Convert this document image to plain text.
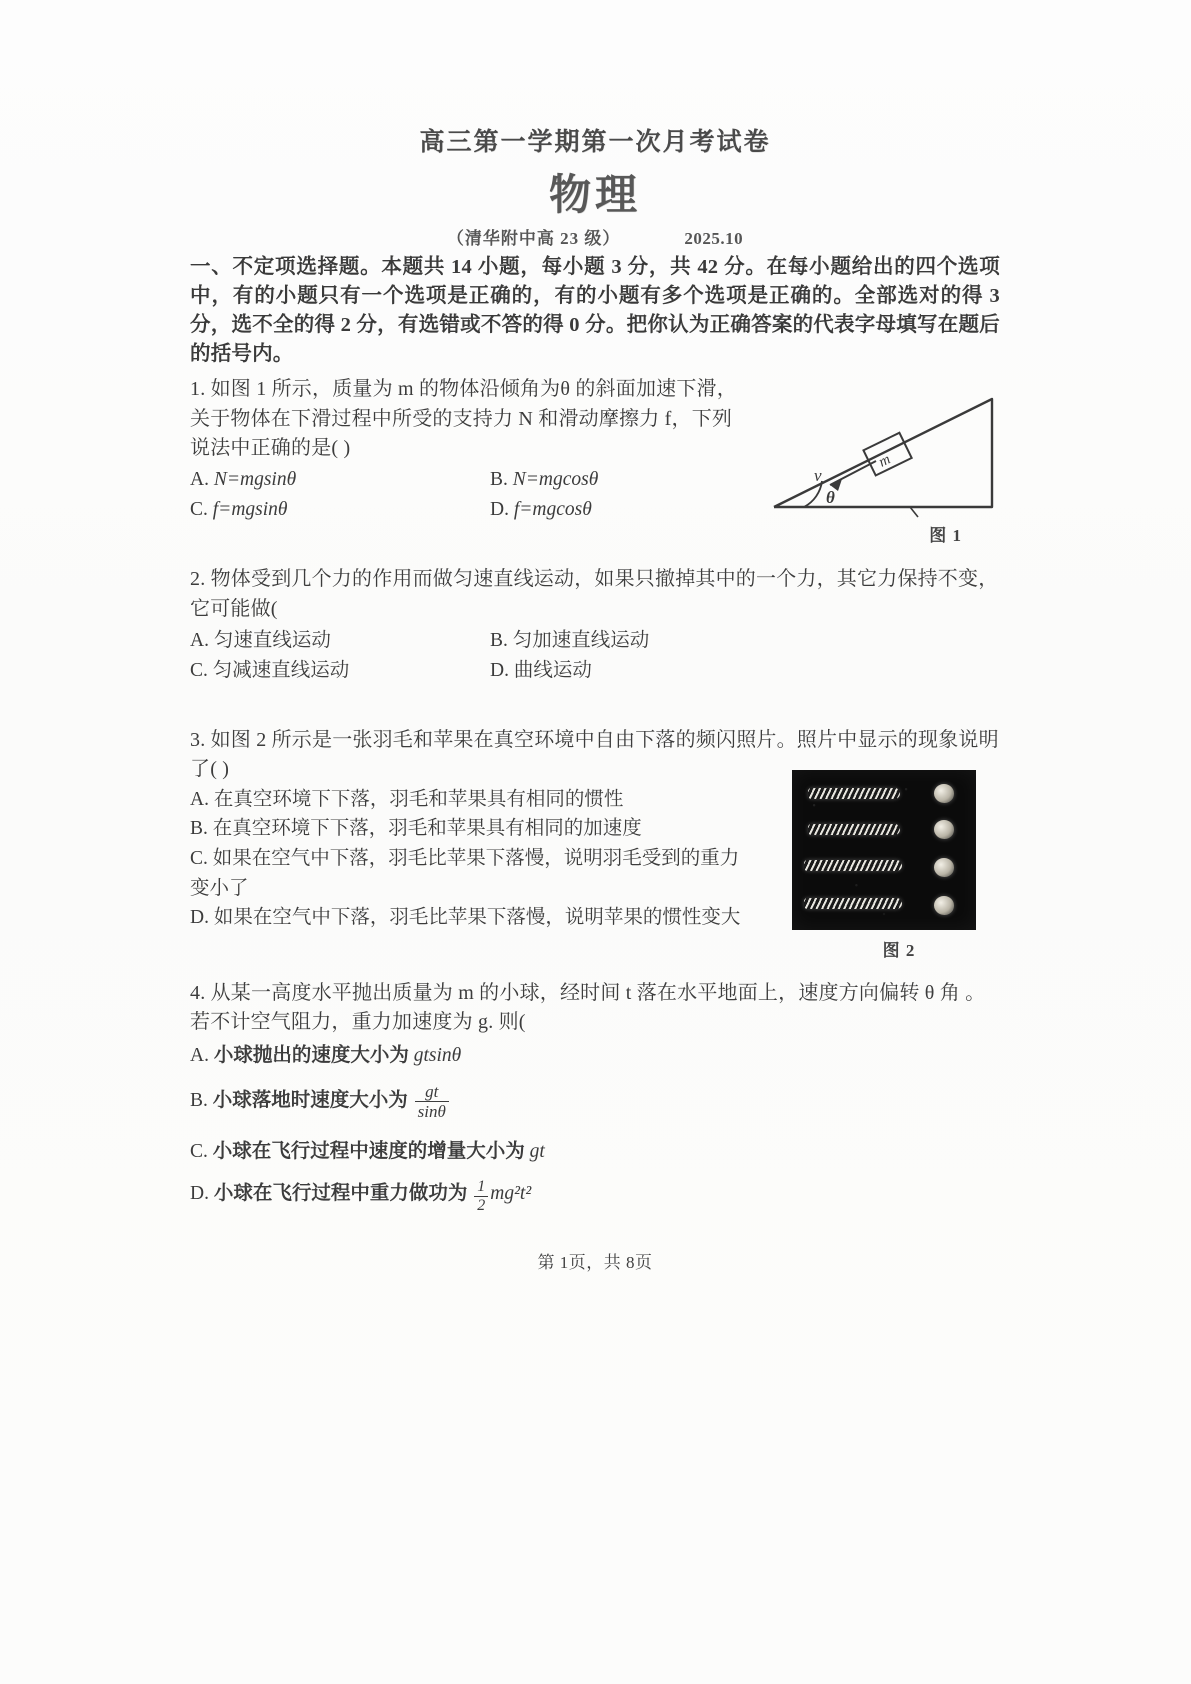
高三第一学期第一次月考试卷
物理
（清华附中高 23 级）	2025.10
一、不定项选择题。本题共 14 小题，每小题 3 分，共 42 分。在每小题给出的四个选项中，有的小题只有一个选项是正确的，有的小题有多个选项是正确的。全部选对的得 3 分，选不全的得 2 分，有选错或不答的得 0 分。把你认为正确答案的代表字母填写在题后的括号内。
1. 如图 1 所示，质量为 m 的物体沿倾角为θ 的斜面加速下滑，关于物体在下滑过程中所受的支持力 N 和滑动摩擦力 f，下列说法中正确的是( )
A. N=mgsinθ	B. N=mgcosθ
C. f=mgsinθ	D. f=mgcosθ
θ
m
v
图 1
2. 物体受到几个力的作用而做匀速直线运动，如果只撤掉其中的一个力，其它力保持不变，它可能做(
A. 匀速直线运动	B. 匀加速直线运动
C. 匀减速直线运动	D. 曲线运动
3. 如图 2 所示是一张羽毛和苹果在真空环境中自由下落的频闪照片。照片中显示的现象说明了( )
A. 在真空环境下下落，羽毛和苹果具有相同的惯性
B. 在真空环境下下落，羽毛和苹果具有相同的加速度
C. 如果在空气中下落，羽毛比苹果下落慢，说明羽毛受到的重力变小了
D. 如果在空气中下落，羽毛比苹果下落慢，说明苹果的惯性变大
图 2
4. 从某一高度水平抛出质量为 m 的小球，经时间 t 落在水平地面上，速度方向偏转 θ 角 。若不计空气阻力，重力加速度为 g. 则(
A. 小球抛出的速度大小为 gtsinθ
B. 小球落地时速度大小为 $\frac{gt}{\sin\theta}$
C. 小球在飞行过程中速度的增量大小为 gt
D. 小球在飞行过程中重力做功为 $\frac{1}{2} mg^2t^2$
第 1页，共 8页
